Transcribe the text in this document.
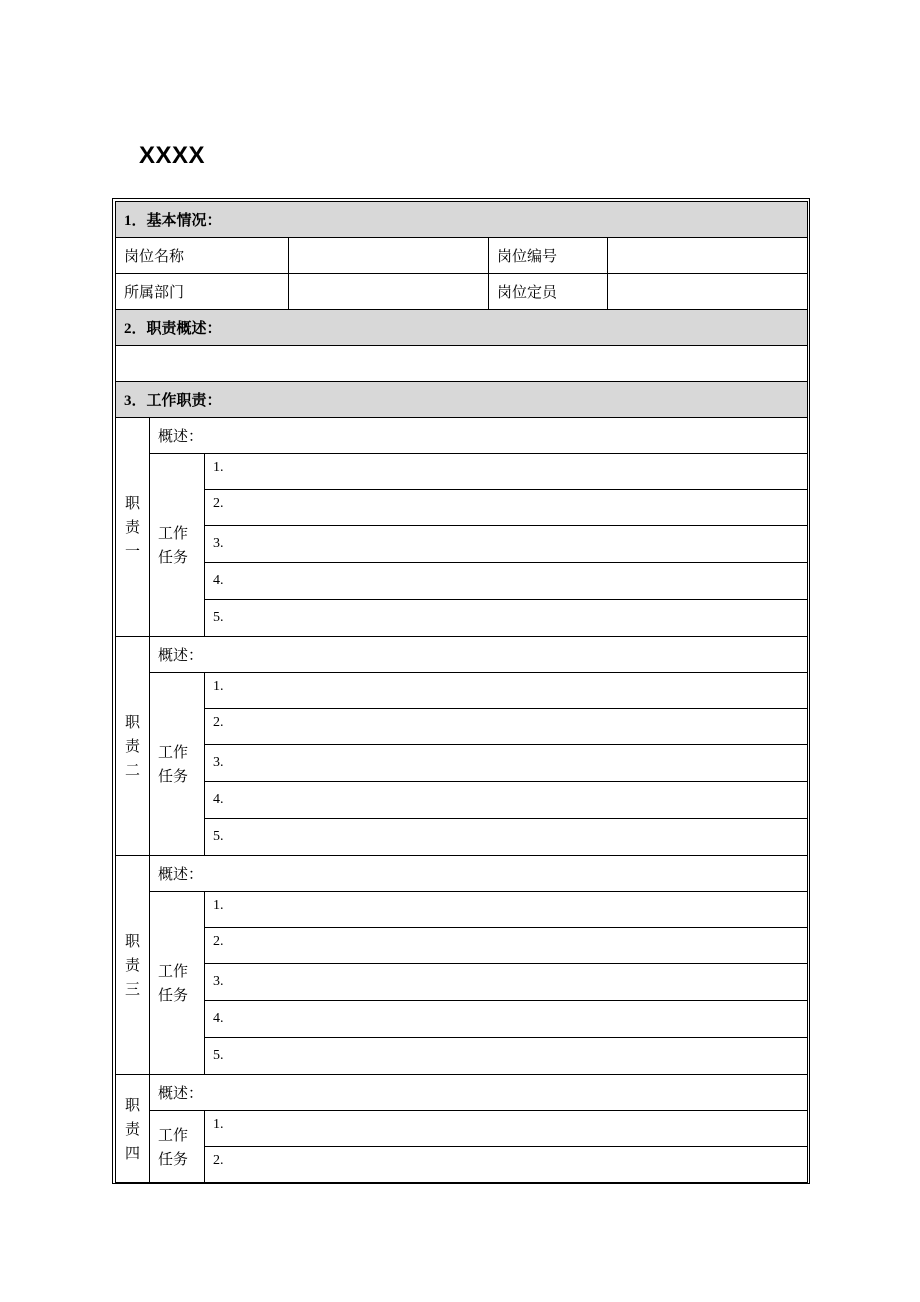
XXXX
1．基本情况：					
岗位名称				岗位编号	
所属部门				岗位定员	
2．职责概述：					

3．工作职责：					

职
责
一	概述：				

	工作
任务	1.			
		2.			
		3.			
		4.			
		5.			

职
责
二	概述：				

	工作
任务	1.			
		2.			
		3.			
		4.			
		5.			

职
责
三	概述：				

	工作
任务	1.			
		2.			
		3.			
		4.			
		5.			

职
责
四	概述：				

	工作
任务	1.			
		2.			
